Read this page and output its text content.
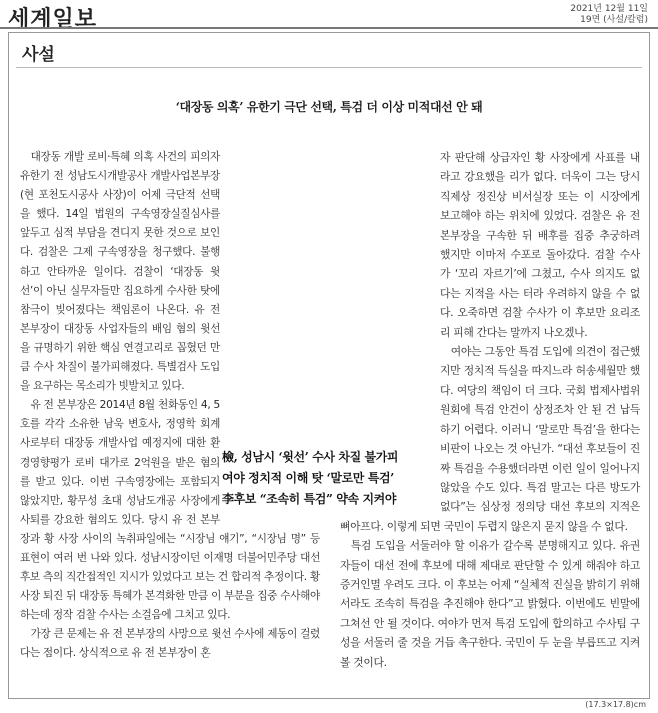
세계일보	2021년 12월 11일
19면 (사설/칼럼)
사설
‘대장동 의혹’ 유한기 극단 선택, 특검 더 이상 미적대선 안 돼

대장동 개발 로비·특혜 의혹 사건의 피의자 유한기 전 성남도시개발공사 개발사업본부장(현 포천도시공사 사장)이 어제 극단적 선택을 했다. 14일 법원의 구속영장실질심사를 앞두고 심적 부담을 견디지 못한 것으로 보인다. 검찰은 그제 구속영장을 청구했다. 불행하고 안타까운 일이다. 검찰이 ‘대장동 윗선’이 아닌 실무자들만 집요하게 수사한 탓에 참극이 빚어졌다는 책임론이 나온다. 유 전 본부장이 대장동 사업자들의 배임 혐의 윗선을 규명하기 위한 핵심 연결고리로 꼽혔던 만큼 수사 차질이 불가피해졌다. 특별검사 도입을 요구하는 목소리가 빗발치고 있다.

유 전 본부장은 2014년 8월 천화동인 4, 5호를 각각 소유한 남욱 변호사, 정영학 회계사로부터 대장동 개발사업 예정지에 대한 환경영향평가 로비 대가로 2억원을 받은 혐의를 받고 있다. 이번 구속영장에는 포함되지 않았지만, 황무성 초대 성남도개공 사장에게 사퇴를 강요한 혐의도 있다. 당시 유 전 본부장과 황 사장 사이의 녹취파일에는 “시장님 얘기”, “시장님 명” 등 표현이 여러 번 나와 있다. 성남시장이던 이재명 더불어민주당 대선 후보 측의 직간접적인 지시가 있었다고 보는 건 합리적 추정이다. 황 사장 퇴진 뒤 대장동 특혜가 본격화한 만큼 이 부분을 집중 수사해야 하는데 정작 검찰 수사는 소걸음에 그치고 있다.

가장 큰 문제는 유 전 본부장의 사망으로 윗선 수사에 제동이 걸렸다는 점이다. 상식적으로 유 전 본부장이 혼

자 판단해 상급자인 황 사장에게 사표를 내라고 강요했을 리가 없다. 더욱이 그는 당시 직제상 정진상 비서실장 또는 이 시장에게 보고해야 하는 위치에 있었다. 검찰은 유 전 본부장을 구속한 뒤 배후를 집중 추궁하려 했지만 이마저 수포로 돌아갔다. 검찰 수사가 ‘꼬리 자르기’에 그쳤고, 수사 의지도 없다는 지적을 사는 터라 우려하지 않을 수 없다. 오죽하면 검찰 수사가 이 후보만 요리조리 피해 간다는 말까지 나오겠나.

여야는 그동안 특검 도입에 의견이 접근했지만 정치적 득실을 따지느라 허송세월만 했다. 여당의 책임이 더 크다. 국회 법제사법위원회에 특검 안건이 상정조차 안 된 건 납득하기 어렵다. 이러니 ‘말로만 특검’을 한다는 비판이 나오는 것 아닌가. “대선 후보들이 진짜 특검을 수용했더라면 이런 일이 일어나지 않았을 수도 있다. 특검 말고는 다른 방도가 없다”는 심상정 정의당 대선 후보의 지적은 뼈아프다. 이렇게 되면 국민이 두렵지 않은지 묻지 않을 수 없다.

특검 도입을 서둘러야 할 이유가 갈수록 분명해지고 있다. 유권자들이 대선 전에 후보에 대해 제대로 판단할 수 있게 해줘야 하고 증거인멸 우려도 크다. 이 후보는 어제 “실체적 진실을 밝히기 위해서라도 조속히 특검을 추진해야 한다”고 밝혔다. 이번에도 빈말에 그쳐선 안 될 것이다. 여야가 먼저 특검 도입에 합의하고 수사팀 구성을 서둘러 줄 것을 거듭 촉구한다. 국민이 두 눈을 부릅뜨고 지켜볼 것이다.

檢, 성남시 ‘윗선’ 수사 차질 불가피
여야 정치적 이해 탓 ‘말로만 특검’
李후보 “조속히 특검” 약속 지켜야
(17.3×17.8)cm
